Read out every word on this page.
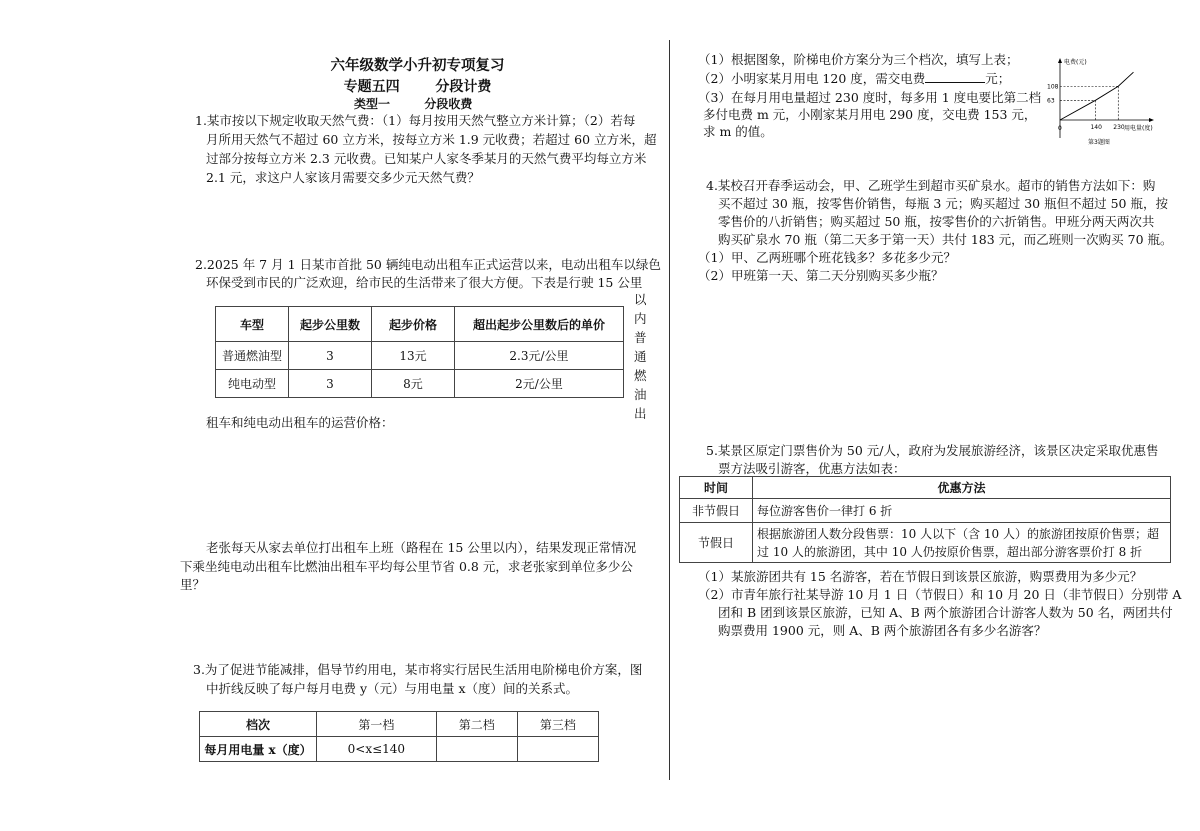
六年级数学小升初专项复习
专题五四	分段计费
类型一	分段收费

1.某市按以下规定收取天然气费：（1）每月按用天然气整立方米计算；（2）若每

月所用天然气不超过 60 立方米，按每立方米 1.9 元收费；若超过 60 立方米，超

过部分按每立方米 2.3 元收费。已知某户人家冬季某月的天然气费平均每立方米

2.1 元，求这户人家该月需要交多少元天然气费？

2.2025 年 7 月 1 日某市首批 50 辆纯电动出租车正式运营以来，电动出租车以绿色

环保受到市民的广泛欢迎，给市民的生活带来了很大方便。下表是行驶 15 公里

以内普通燃油出
车型	起步公里数	起步价格	超出起步公里数后的单价
普通燃油型	3	13元	2.3元/公里
纯电动型	3	8元	2元/公里

租车和纯电动出租车的运营价格：

老张每天从家去单位打出租车上班（路程在 15 公里以内），结果发现正常情况

下乘坐纯电动出租车比燃油出租车平均每公里节省 0.8 元，求老张家到单位多少公

里？

3.为了促进节能减排，倡导节约用电，某市将实行居民生活用电阶梯电价方案，图

中折线反映了每户每月电费 y（元）与用电量 x（度）间的关系式。

档次	第一档	第二档	第三档
每月用电量 x（度）	0<x≤140		

（1）根据图象，阶梯电价方案分为三个档次，填写上表；

（2）小明家某月用电 120 度，需交电费	元；

（3）在每月用电量超过 230 度时，每多用 1 度电要比第二档

多付电费 m 元，小刚家某月用电 290 度，交电费 153 元，

求 m 的值。

电费(元)
用电量(度)
0
第3题图
140 230
63
108

4.某校召开春季运动会，甲、乙班学生到超市买矿泉水。超市的销售方法如下：购

买不超过 30 瓶，按零售价销售，每瓶 3 元；购买超过 30 瓶但不超过 50 瓶，按

零售价的八折销售；购买超过 50 瓶，按零售价的六折销售。甲班分两天两次共

购买矿泉水 70 瓶（第二天多于第一天）共付 183 元，而乙班则一次购买 70 瓶。

（1）甲、乙两班哪个班花钱多？多花多少元？

（2）甲班第一天、第二天分别购买多少瓶？

5.某景区原定门票售价为 50 元/人，政府为发展旅游经济，该景区决定采取优惠售

票方法吸引游客，优惠方法如表：

时间	优惠方法
非节假日	每位游客售价一律打 6 折
节假日	根据旅游团人数分段售票：10 人以下（含 10 人）的旅游团按原价售票；超过 10 人的旅游团，其中 10 人仍按原价售票，超出部分游客票价打 8 折

（1）某旅游团共有 15 名游客，若在节假日到该景区旅游，购票费用为多少元？

（2）市青年旅行社某导游 10 月 1 日（节假日）和 10 月 20 日（非节假日）分别带 A

团和 B 团到该景区旅游，已知 A、B 两个旅游团合计游客人数为 50 名，两团共付

购票费用 1900 元，则 A、B 两个旅游团各有多少名游客？
